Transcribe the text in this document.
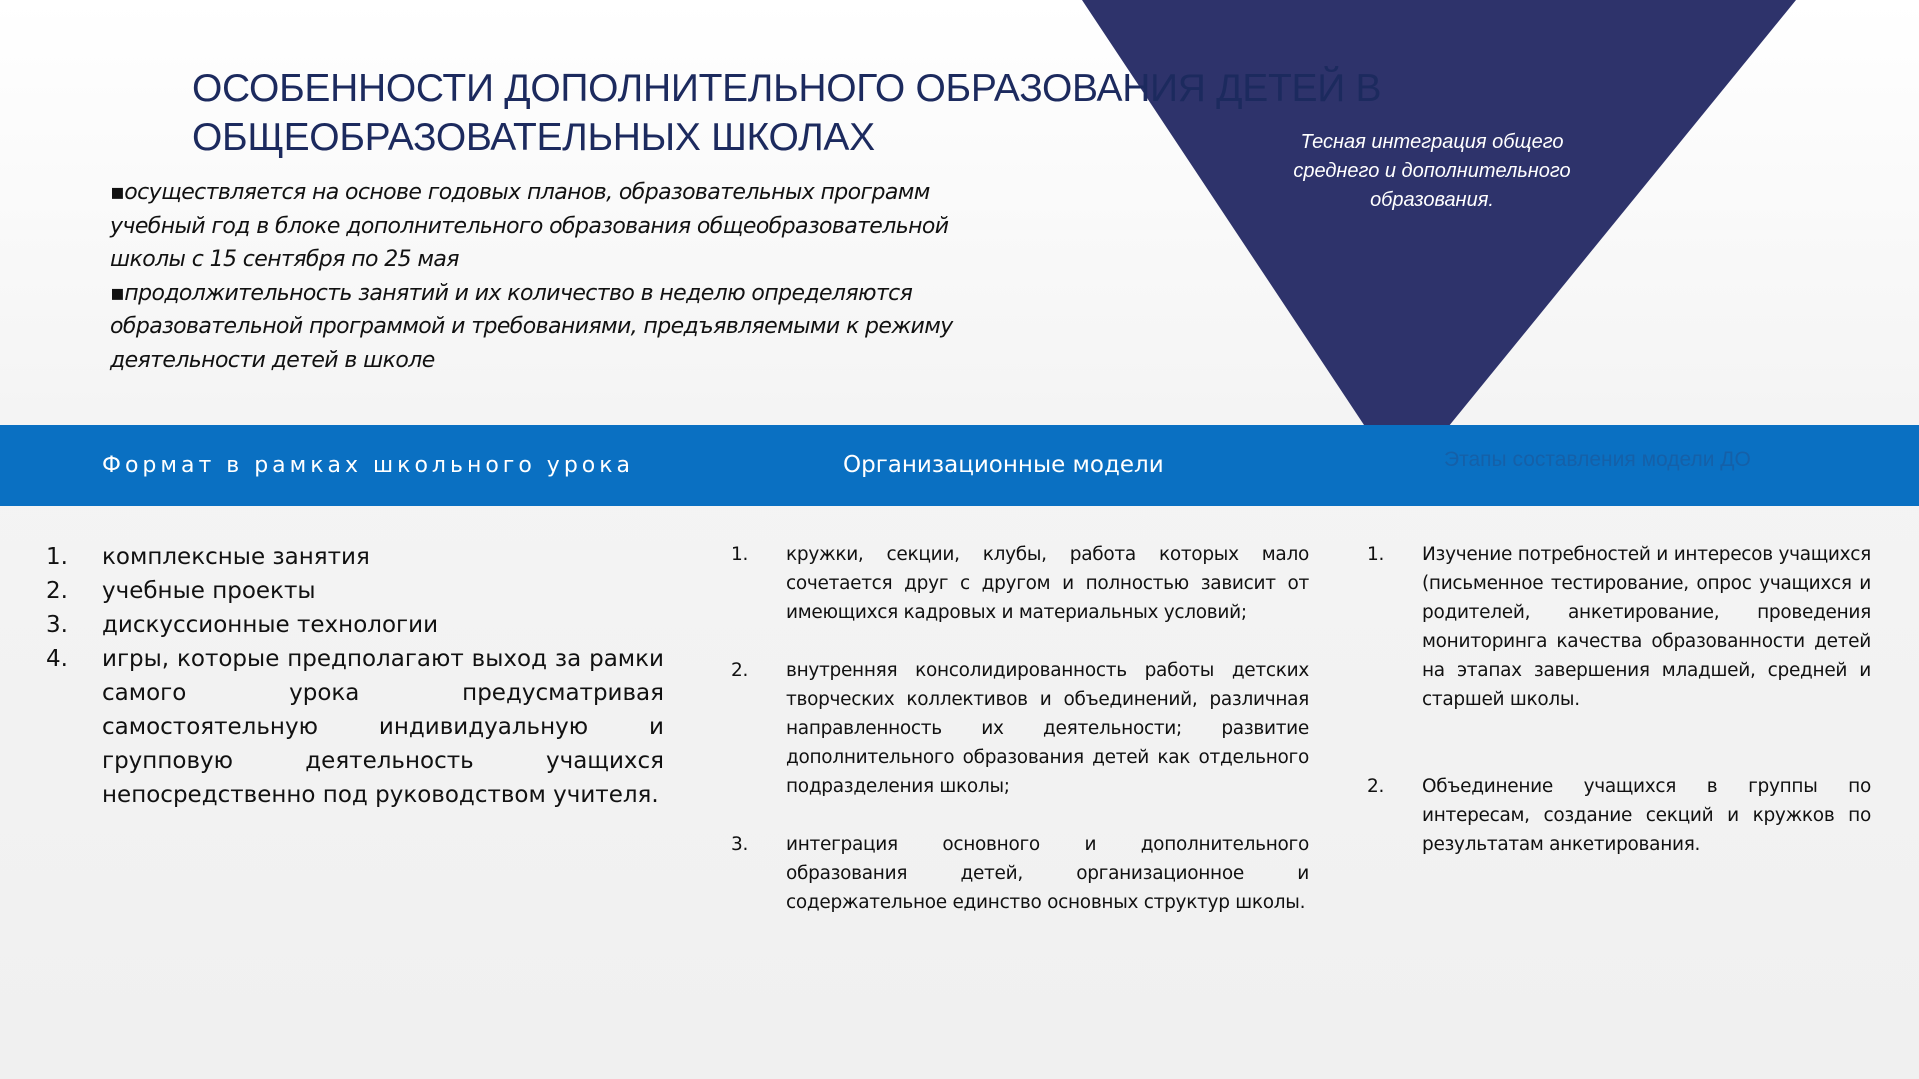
Тесная интеграция общего среднего и дополнительного образования.
ОСОБЕННОСТИ ДОПОЛНИТЕЛЬНОГО ОБРАЗОВАНИЯ ДЕТЕЙ В ОБЩЕОБРАЗОВАТЕЛЬНЫХ ШКОЛАХ
▪осуществляется на основе годовых планов, образовательных программ
учебный год в блоке дополнительного образования общеобразовательной
школы с 15 сентября по 25 мая
▪продолжительность занятий и их количество в неделю определяются
образовательной программой и требованиями, предъявляемыми к режиму
деятельности детей в школе
Формат в рамках школьного урока	Организационные модели	Этапы составления модели ДО
1.	комплексные занятия
2.	учебные проекты
3.	дискуссионные технологии
4.	игры, которые предполагают выход за рамки самого урока предусматривая самостоятельную индивидуальную и групповую деятельность учащихся непосредственно под руководством учителя.
1.	кружки, секции, клубы, работа которых мало сочетается друг с другом и полностью зависит от имеющихся кадровых и материальных условий;
2.	внутренняя консолидированность работы детских творческих коллективов и объединений, различная направленность их деятельности; развитие дополнительного образования детей как отдельного подразделения школы;
3.	интеграция основного и дополнительного образования детей, организационное и содержательное единство основных структур школы.
1.	Изучение потребностей и интересов учащихся (письменное тестирование, опрос учащихся и родителей, анкетирование, проведения мониторинга качества образованности детей на этапах завершения младшей, средней и старшей школы.
2.	Объединение учащихся в группы по интересам, создание секций и кружков по результатам анкетирования.
